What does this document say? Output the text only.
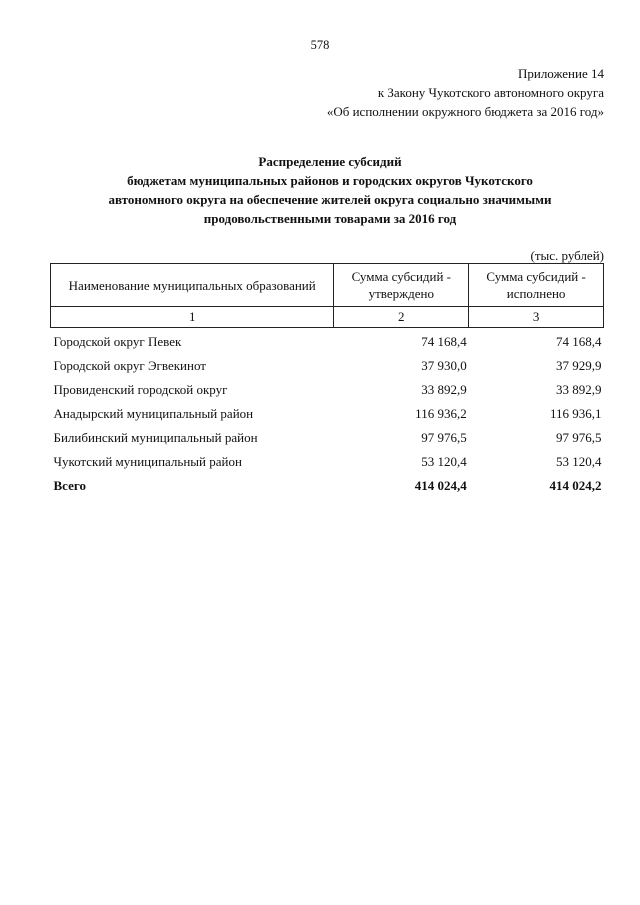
578
Приложение 14
к Закону Чукотского автономного округа
«Об исполнении окружного бюджета за 2016 год»
Распределение субсидий
бюджетам муниципальных районов и городских округов Чукотского
автономного округа на обеспечение жителей округа социально значимыми
продовольственными товарами за 2016 год
(тыс. рублей)
Наименование муниципальных образований	Сумма субсидий - утверждено	Сумма субсидий - исполнено
1	2	3
Городской округ Певек	74 168,4	74 168,4
Городской округ Эгвекинот	37 930,0	37 929,9
Провиденский городской округ	33 892,9	33 892,9
Анадырский муниципальный район	116 936,2	116 936,1
Билибинский муниципальный район	97 976,5	97 976,5
Чукотский муниципальный район	53 120,4	53 120,4
Всего	414 024,4	414 024,2
